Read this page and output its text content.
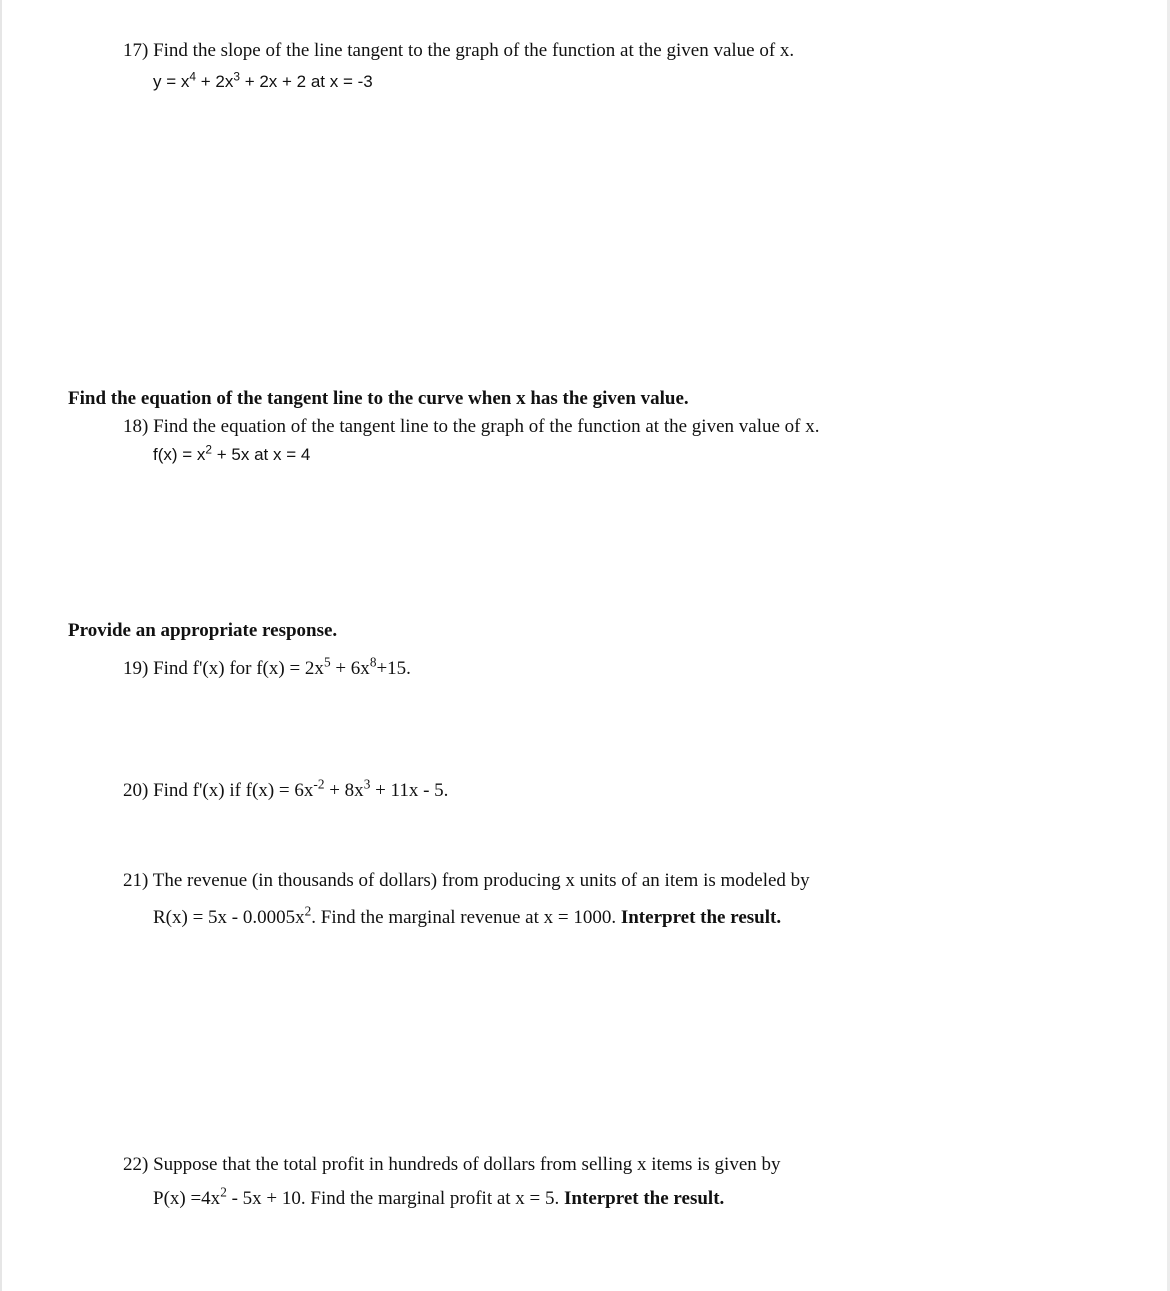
17) Find the slope of the line tangent to the graph of the function at the given value of x.
$y = x^4 + 2x^3 + 2x + 2$ at x = -3
Find the equation of the tangent line to the curve when x has the given value.
18) Find the equation of the tangent line to the graph of the function at the given value of x.
$f(x) = x^2 + 5x$ at x = 4
Provide an appropriate response.
19) Find f'(x) for $f(x) = 2x^5 + 6x^8+15$.
20) Find f'(x) if $f(x) = 6x^{-2} + 8x^3 + 11x - 5$.
21) The revenue (in thousands of dollars) from producing x units of an item is modeled by
$R(x) = 5x - 0.0005x^2$. Find the marginal revenue at x = 1000. Interpret the result.
22) Suppose that the total profit in hundreds of dollars from selling x items is given by
$P(x) =4x^2 - 5x + 10$. Find the marginal profit at x = 5. Interpret the result.
